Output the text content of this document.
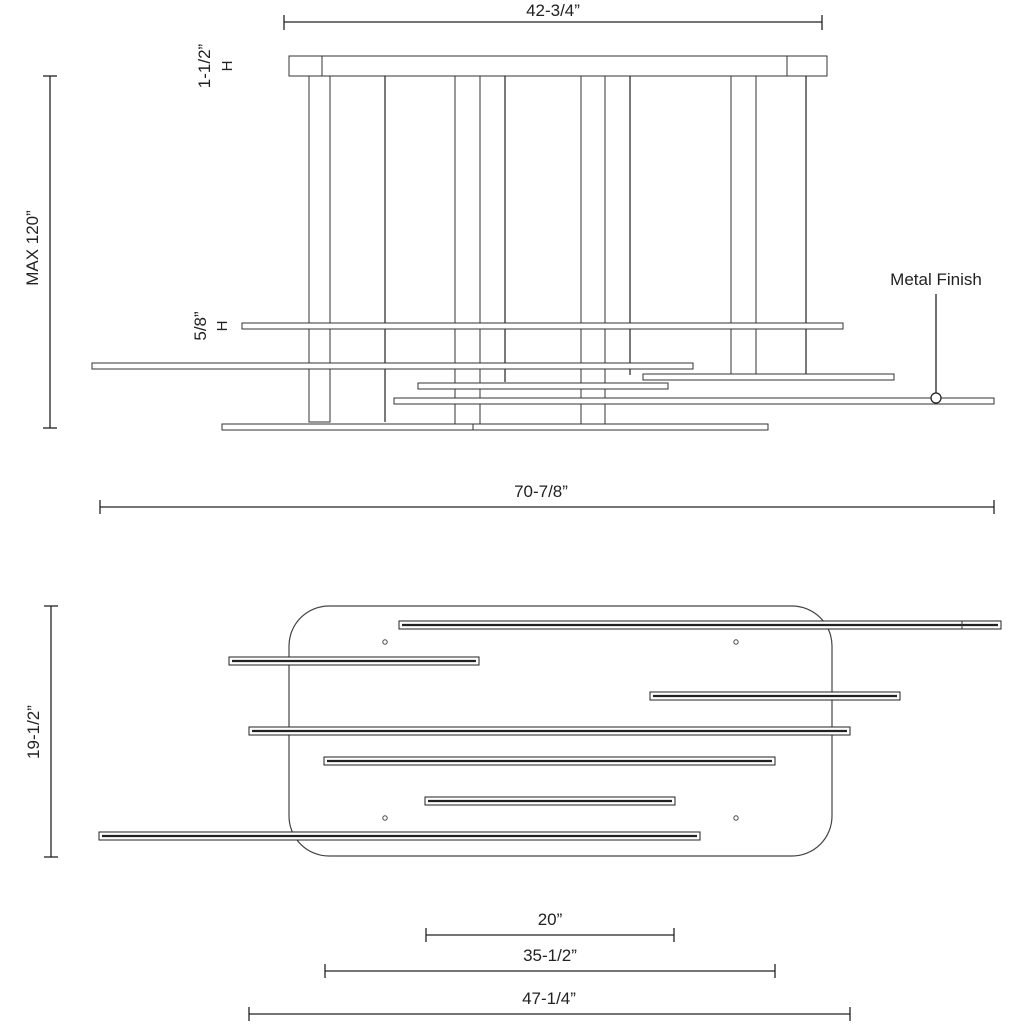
42-3/4”
1-1/2” H
MAX 120”
5/8” H
Metal Finish
70-7/8”
19-1/2”
20”
35-1/2”
47-1/4”
